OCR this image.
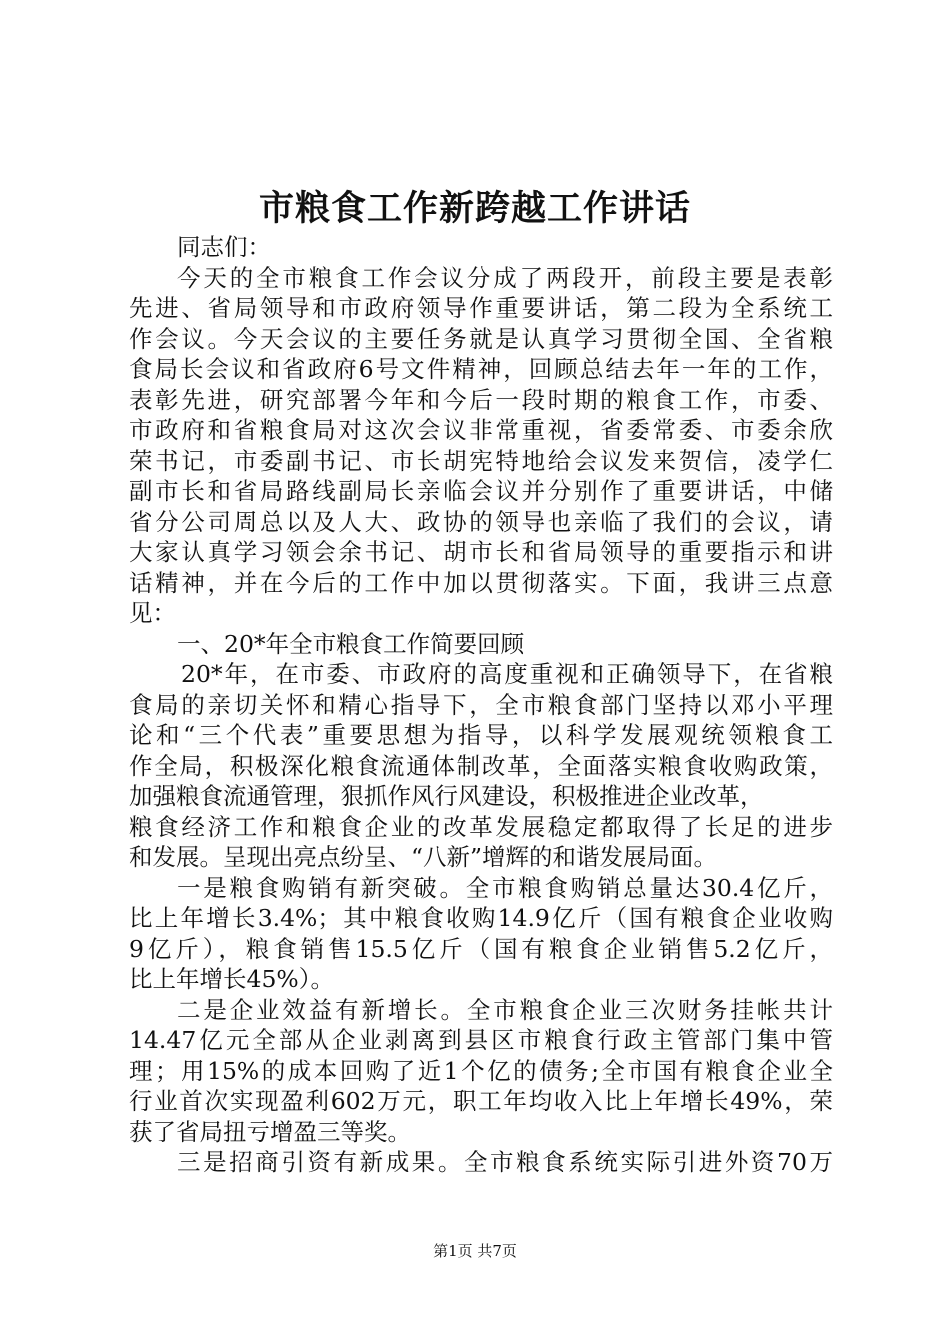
市粮食工作新跨越工作讲话
同志们：
今天的全市粮食工作会议分成了两段开，前段主要是表彰
先进、省局领导和市政府领导作重要讲话，第二段为全系统工
作会议。今天会议的主要任务就是认真学习贯彻全国、全省粮
食局长会议和省政府6号文件精神，回顾总结去年一年的工作，
表彰先进，研究部署今年和今后一段时期的粮食工作，市委、
市政府和省粮食局对这次会议非常重视，省委常委、市委余欣
荣书记，市委副书记、市长胡宪特地给会议发来贺信，凌学仁
副市长和省局路线副局长亲临会议并分别作了重要讲话，中储
省分公司周总以及人大、政协的领导也亲临了我们的会议，请
大家认真学习领会余书记、胡市长和省局领导的重要指示和讲
话精神，并在今后的工作中加以贯彻落实。下面，我讲三点意
见：
一、20*年全市粮食工作简要回顾
20*年，在市委、市政府的高度重视和正确领导下，在省粮
食局的亲切关怀和精心指导下，全市粮食部门坚持以邓小平理
论和“三个代表”重要思想为指导，以科学发展观统领粮食工
作全局，积极深化粮食流通体制改革，全面落实粮食收购政策，
加强粮食流通管理，狠抓作风行风建设，积极推进企业改革，
粮食经济工作和粮食企业的改革发展稳定都取得了长足的进步
和发展。呈现出亮点纷呈、“八新”增辉的和谐发展局面。
一是粮食购销有新突破。全市粮食购销总量达30.4亿斤，
比上年增长3.4%；其中粮食收购14.9亿斤（国有粮食企业收购
9亿斤），粮食销售15.5亿斤（国有粮食企业销售5.2亿斤，
比上年增长45%）。
二是企业效益有新增长。全市粮食企业三次财务挂帐共计
14.47亿元全部从企业剥离到县区市粮食行政主管部门集中管
理；用15%的成本回购了近1个亿的债务;全市国有粮食企业全
行业首次实现盈利602万元，职工年均收入比上年增长49%，荣
获了省局扭亏增盈三等奖。
三是招商引资有新成果。全市粮食系统实际引进外资70万
第1页 共7页
